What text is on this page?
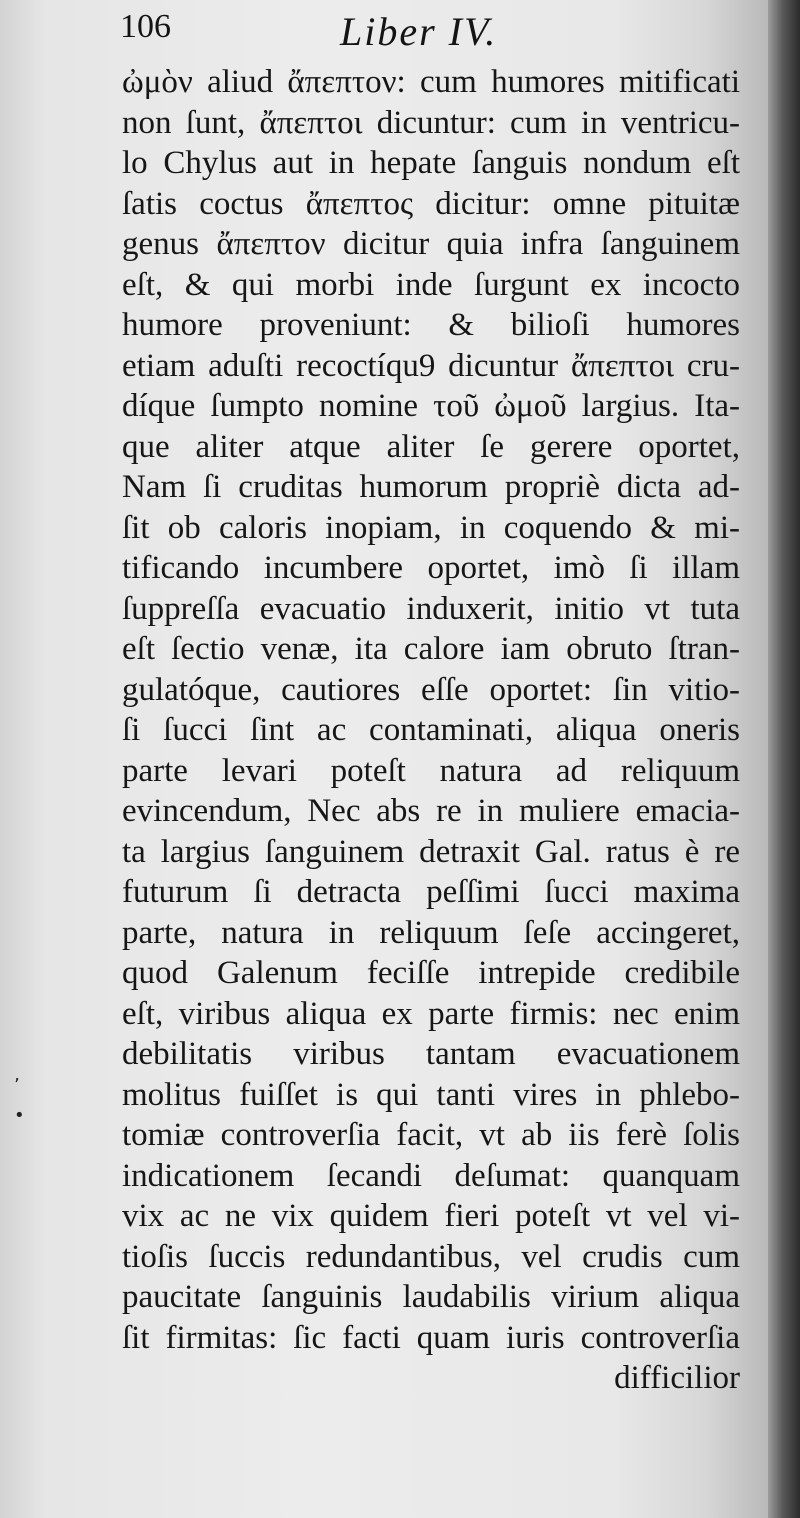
106	Liber IV.
ὠμὸν aliud ἄπεπτον: cum humores mitificati
non ſunt, ἄπεπτοι dicuntur: cum in ventricu-
lo Chylus aut in hepate ſanguis nondum eſt
ſatis coctus ἄπεπτος dicitur: omne pituitæ
genus ἄπεπτον dicitur quia infra ſanguinem
eſt, & qui morbi inde ſurgunt ex incocto
humore proveniunt: & bilioſi humores
etiam aduſti recoctíqu9 dicuntur ἄπεπτοι cru-
díque ſumpto nomine τοῦ ὠμοῦ largius. Ita-
que aliter atque aliter ſe gerere oportet,
Nam ſi cruditas humorum propriè dicta ad-
ſit ob caloris inopiam, in coquendo & mi-
tificando incumbere oportet, imò ſi illam
ſuppreſſa evacuatio induxerit, initio vt tuta
eſt ſectio venæ, ita calore iam obruto ſtran-
gulatóque, cautiores eſſe oportet: ſin vitio-
ſi ſucci ſint ac contaminati, aliqua oneris
parte levari poteſt natura ad reliquum
evincendum, Nec abs re in muliere emacia-
ta largius ſanguinem detraxit Gal. ratus è re
futurum ſi detracta peſſimi ſucci maxima
parte, natura in reliquum ſeſe accingeret,
quod Galenum feciſſe intrepide credibile
eſt, viribus aliqua ex parte firmis: nec enim
debilitatis viribus tantam evacuationem
molitus fuiſſet is qui tanti vires in phlebo-
tomiæ controverſia facit, vt ab iis ferè ſolis
indicationem ſecandi deſumat: quanquam
vix ac ne vix quidem fieri poteſt vt vel vi-
tioſis ſuccis redundantibus, vel crudis cum
paucitate ſanguinis laudabilis virium aliqua
ſit firmitas: ſic facti quam iuris controverſia
difficilior
’
•
